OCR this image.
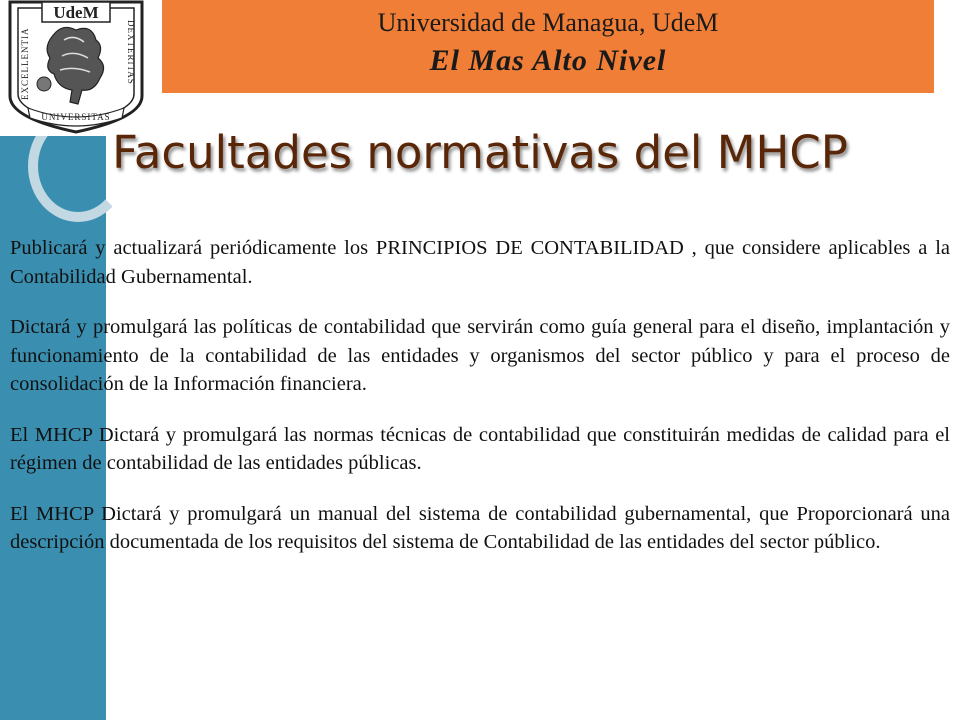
UdeM
EXCELLENTIA	DEXTERITAS
UNIVERSITAS
Universidad de Managua, UdeM
El Mas Alto Nivel
Facultades normativas del MHCP

Publicará y actualizará periódicamente los PRINCIPIOS DE CONTABILIDAD , que considere aplicables a la Contabilidad Gubernamental.

Dictará y promulgará las políticas de contabilidad que servirán como guía general para el diseño, implantación y funcionamiento de la contabilidad de las entidades y organismos del sector público y para el proceso de consolidación de la Información financiera.

El MHCP Dictará y promulgará las normas técnicas de contabilidad que constituirán medidas de calidad para el régimen de contabilidad de las entidades públicas.

El MHCP Dictará y promulgará un manual del sistema de contabilidad gubernamental, que Proporcionará una descripción documentada de los requisitos del sistema de Contabilidad de las entidades del sector público.
